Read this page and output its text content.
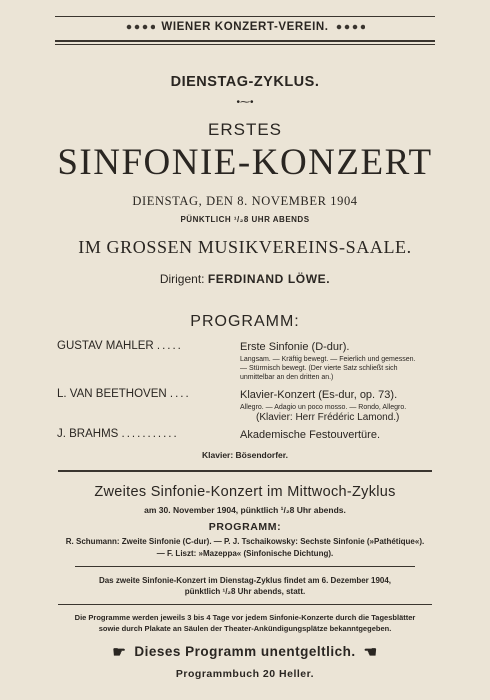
WIENER KONZERT-VEREIN.
DIENSTAG-ZYKLUS.
•⁓•
ERSTES
SINFONIE-KONZERT
DIENSTAG, DEN 8. NOVEMBER 1904
PÜNKTLICH ¹/₂8 UHR ABENDS
IM GROSSEN MUSIKVEREINS-SAALE.
Dirigent: FERDINAND LÖWE.
PROGRAMM:
GUSTAV MAHLER .....	Erste Sinfonie (D-dur).
Langsam. — Kräftig bewegt. — Feierlich und gemessen.
— Stürmisch bewegt. (Der vierte Satz schließt sich
unmittelbar an den dritten an.)
L. VAN BEETHOVEN ....	Klavier-Konzert (Es-dur, op. 73).
Allegro. — Adagio un poco mosso. — Rondo, Allegro.
(Klavier: Herr Frédéric Lamond.)
J. BRAHMS ...........	Akademische Festouvertüre.
Klavier: Bösendorfer.
Zweites Sinfonie-Konzert im Mittwoch-Zyklus
am 30. November 1904, pünktlich ¹/₂8 Uhr abends.
PROGRAMM:
R. Schumann: Zweite Sinfonie (C-dur). — P. J. Tschaikowsky: Sechste Sinfonie (»Pathétique«).
— F. Liszt: »Mazeppa« (Sinfonische Dichtung).
Das zweite Sinfonie-Konzert im Dienstag-Zyklus findet am 6. Dezember 1904,
pünktlich ¹/₂8 Uhr abends, statt.
Die Programme werden jeweils 3 bis 4 Tage vor jedem Sinfonie-Konzerte durch die Tagesblätter
sowie durch Plakate an Säulen der Theater-Ankündigungsplätze bekanntgegeben.
☛ Dieses Programm unentgeltlich. ☚
Programmbuch 20 Heller.
